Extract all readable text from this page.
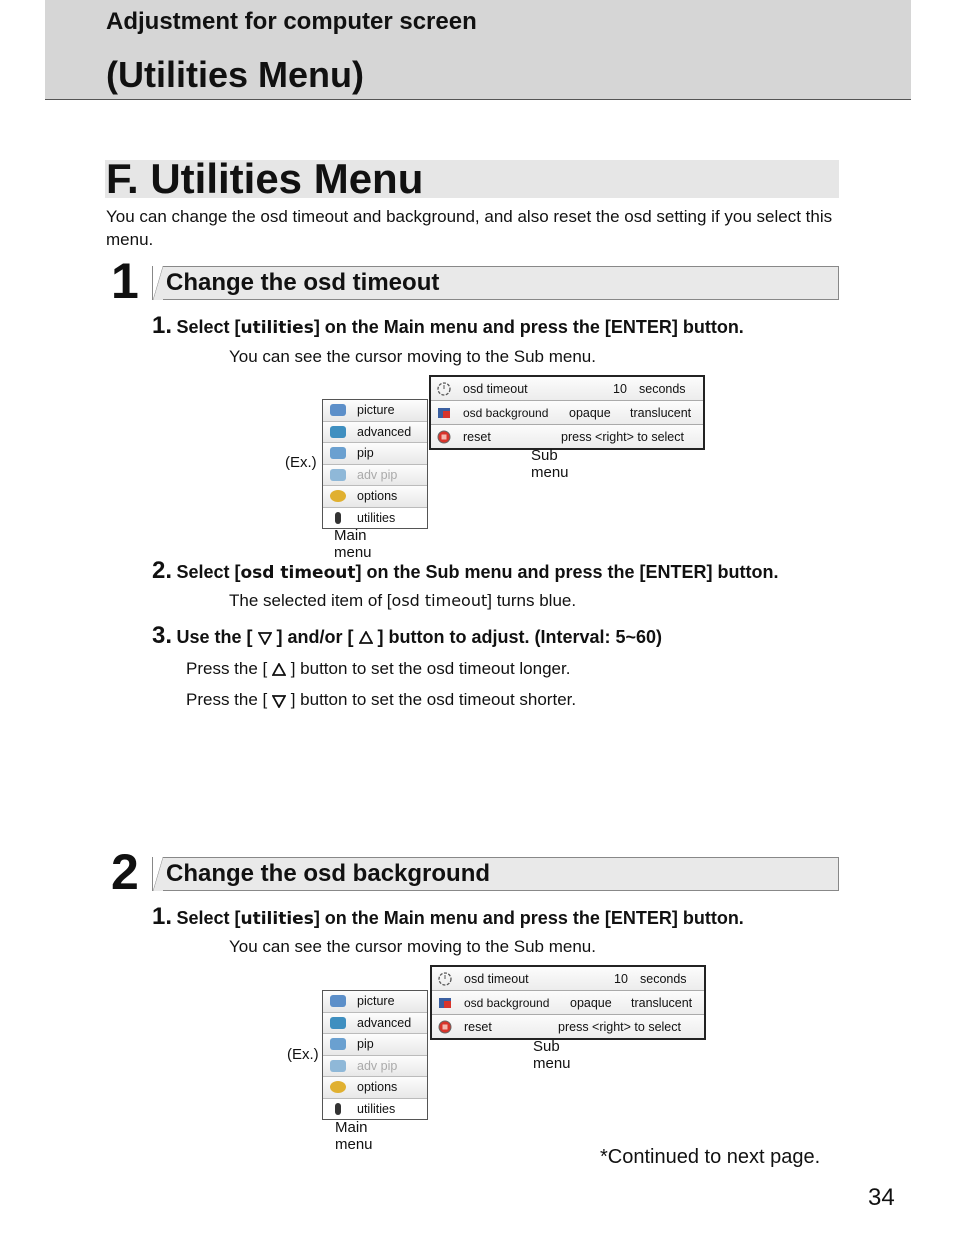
Adjustment for computer screen
(Utilities Menu)
F. Utilities Menu
You can change the osd timeout and background, and also reset the osd setting if you select this menu.
1 Change the osd timeout
1. Select [utilities] on the Main menu and press the [ENTER] button.
You can see the cursor moving to the Sub menu.
osd timeout	10 seconds
osd background opaque translucent
reset	press <right> to select
Sub menu
(Ex.)
picture
advanced
pip
adv pip
options
utilities
Main menu
2. Select [osd timeout] on the Sub menu and press the [ENTER] button.
The selected item of [osd timeout] turns blue.
3. Use the [  ] and/or [  ] button to adjust. (Interval: 5~60)
Press the [  ] button to set the osd timeout longer.
Press the [  ] button to set the osd timeout shorter.
2 Change the osd background
1. Select [utilities] on the Main menu and press the [ENTER] button.
You can see the cursor moving to the Sub menu.
osd timeout	10 seconds
osd background opaque translucent
reset	press <right> to select
Sub menu
(Ex.)
picture
advanced
pip
adv pip
options
utilities
Main menu
*Continued to next page.
34
